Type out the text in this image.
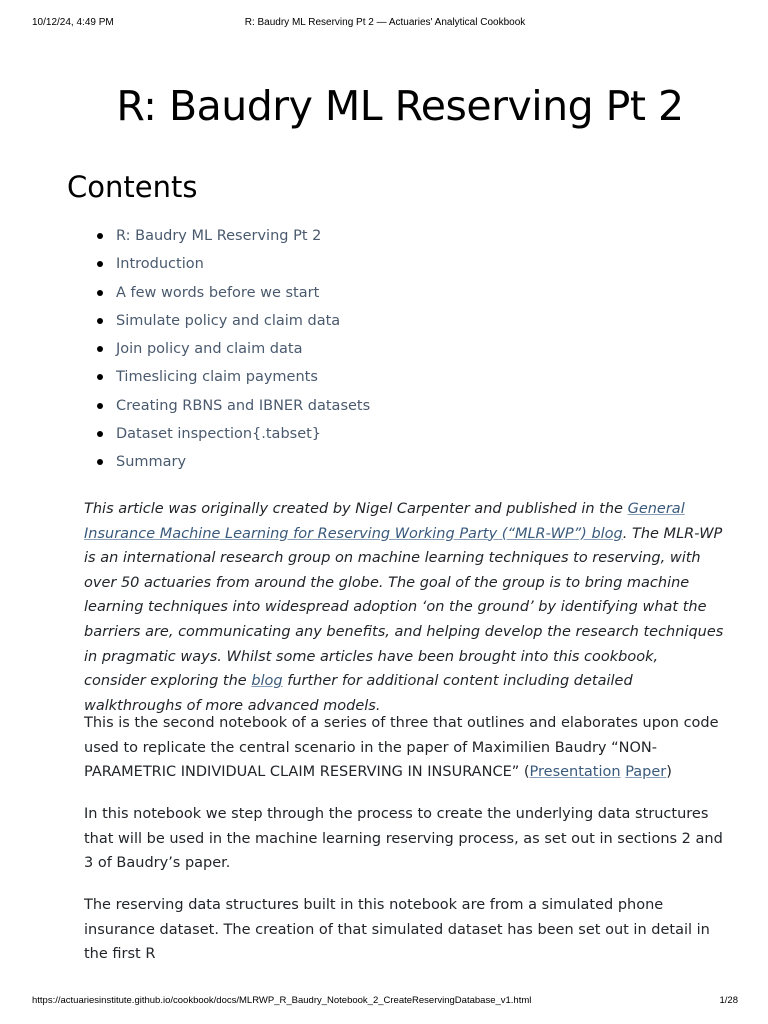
10/12/24, 4:49 PM	R: Baudry ML Reserving Pt 2 — Actuaries' Analytical Cookbook
R: Baudry ML Reserving Pt 2
Contents
R: Baudry ML Reserving Pt 2
Introduction
A few words before we start
Simulate policy and claim data
Join policy and claim data
Timeslicing claim payments
Creating RBNS and IBNER datasets
Dataset inspection{.tabset}
Summary

This article was originally created by Nigel Carpenter and published in the General Insurance Machine Learning for Reserving Working Party (“MLR-WP”) blog. The MLR-WP is an international research group on machine learning techniques to reserving, with over 50 actuaries from around the globe. The goal of the group is to bring machine learning techniques into widespread adoption ‘on the ground’ by identifying what the barriers are, communicating any benefits, and helping develop the research techniques in pragmatic ways. Whilst some articles have been brought into this cookbook, consider exploring the blog further for additional content including detailed walkthroughs of more advanced models.

This is the second notebook of a series of three that outlines and elaborates upon code used to replicate the central scenario in the paper of Maximilien Baudry “NON-PARAMETRIC INDIVIDUAL CLAIM RESERVING IN INSURANCE” (Presentation Paper)

In this notebook we step through the process to create the underlying data structures that will be used in the machine learning reserving process, as set out in sections 2 and 3 of Baudry’s paper.

The reserving data structures built in this notebook are from a simulated phone insurance dataset. The creation of that simulated dataset has been set out in detail in the first R

https://actuariesinstitute.github.io/cookbook/docs/MLRWP_R_Baudry_Notebook_2_CreateReservingDatabase_v1.html	1/28
